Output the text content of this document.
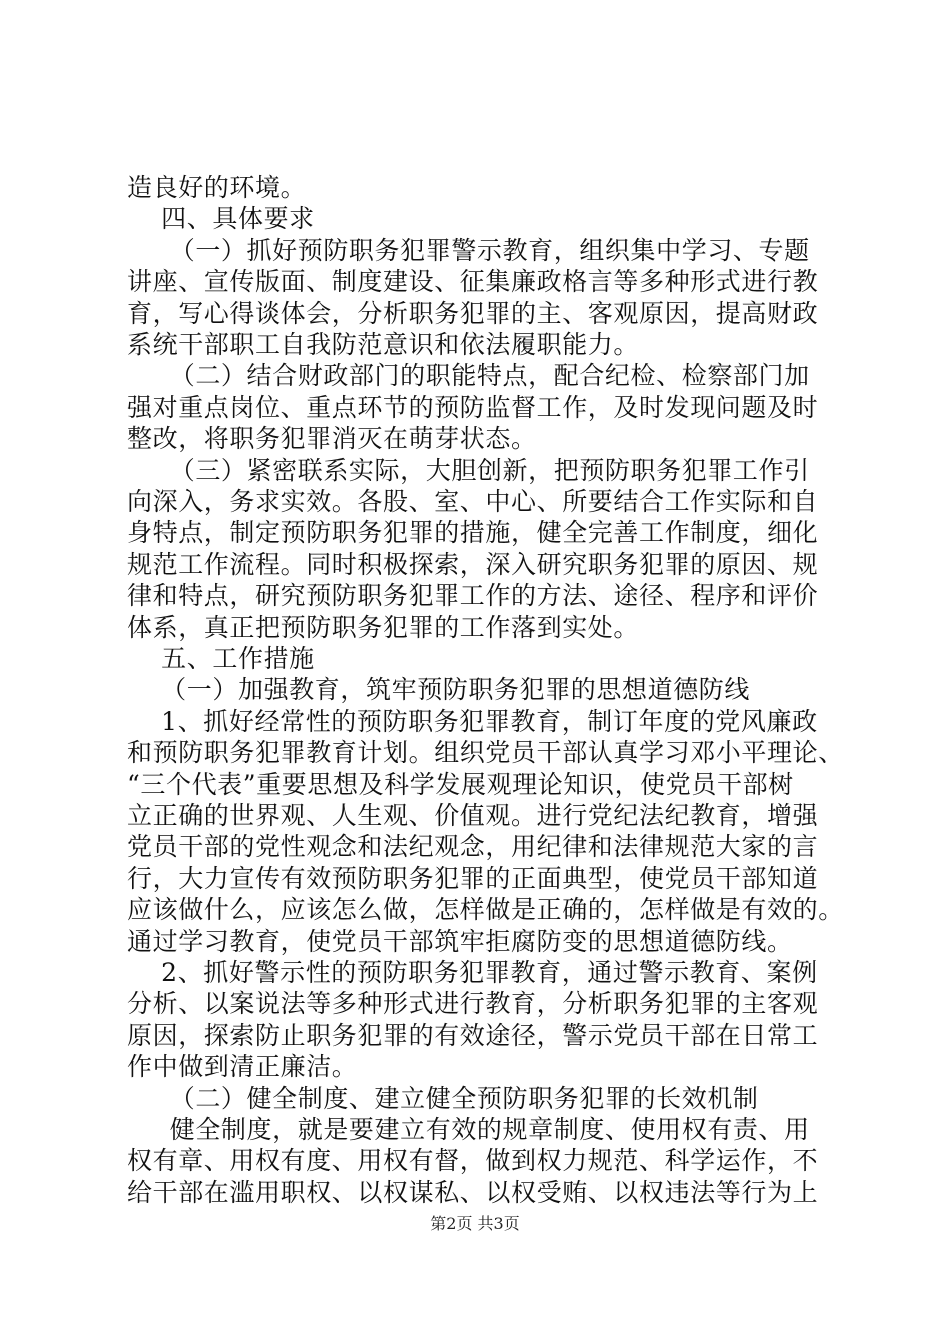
造良好的环境。
四、具体要求
（一）抓好预防职务犯罪警示教育，组织集中学习、专题
讲座、宣传版面、制度建设、征集廉政格言等多种形式进行教
育，写心得谈体会，分析职务犯罪的主、客观原因，提高财政
系统干部职工自我防范意识和依法履职能力。
（二）结合财政部门的职能特点，配合纪检、检察部门加
强对重点岗位、重点环节的预防监督工作，及时发现问题及时
整改，将职务犯罪消灭在萌芽状态。
（三）紧密联系实际，大胆创新，把预防职务犯罪工作引
向深入，务求实效。各股、室、中心、所要结合工作实际和自
身特点，制定预防职务犯罪的措施，健全完善工作制度，细化
规范工作流程。同时积极探索，深入研究职务犯罪的原因、规
律和特点，研究预防职务犯罪工作的方法、途径、程序和评价
体系，真正把预防职务犯罪的工作落到实处。
五、工作措施
（一）加强教育，筑牢预防职务犯罪的思想道德防线
1、抓好经常性的预防职务犯罪教育，制订年度的党风廉政
和预防职务犯罪教育计划。组织党员干部认真学习邓小平理论、
“三个代表”重要思想及科学发展观理论知识，使党员干部树
立正确的世界观、人生观、价值观。进行党纪法纪教育，增强
党员干部的党性观念和法纪观念，用纪律和法律规范大家的言
行，大力宣传有效预防职务犯罪的正面典型，使党员干部知道
应该做什么，应该怎么做，怎样做是正确的，怎样做是有效的。
通过学习教育，使党员干部筑牢拒腐防变的思想道德防线。
2、抓好警示性的预防职务犯罪教育，通过警示教育、案例
分析、以案说法等多种形式进行教育，分析职务犯罪的主客观
原因，探索防止职务犯罪的有效途径，警示党员干部在日常工
作中做到清正廉洁。
（二）健全制度、建立健全预防职务犯罪的长效机制
健全制度，就是要建立有效的规章制度、使用权有责、用
权有章、用权有度、用权有督，做到权力规范、科学运作，不
给干部在滥用职权、以权谋私、以权受贿、以权违法等行为上
第2页 共3页
